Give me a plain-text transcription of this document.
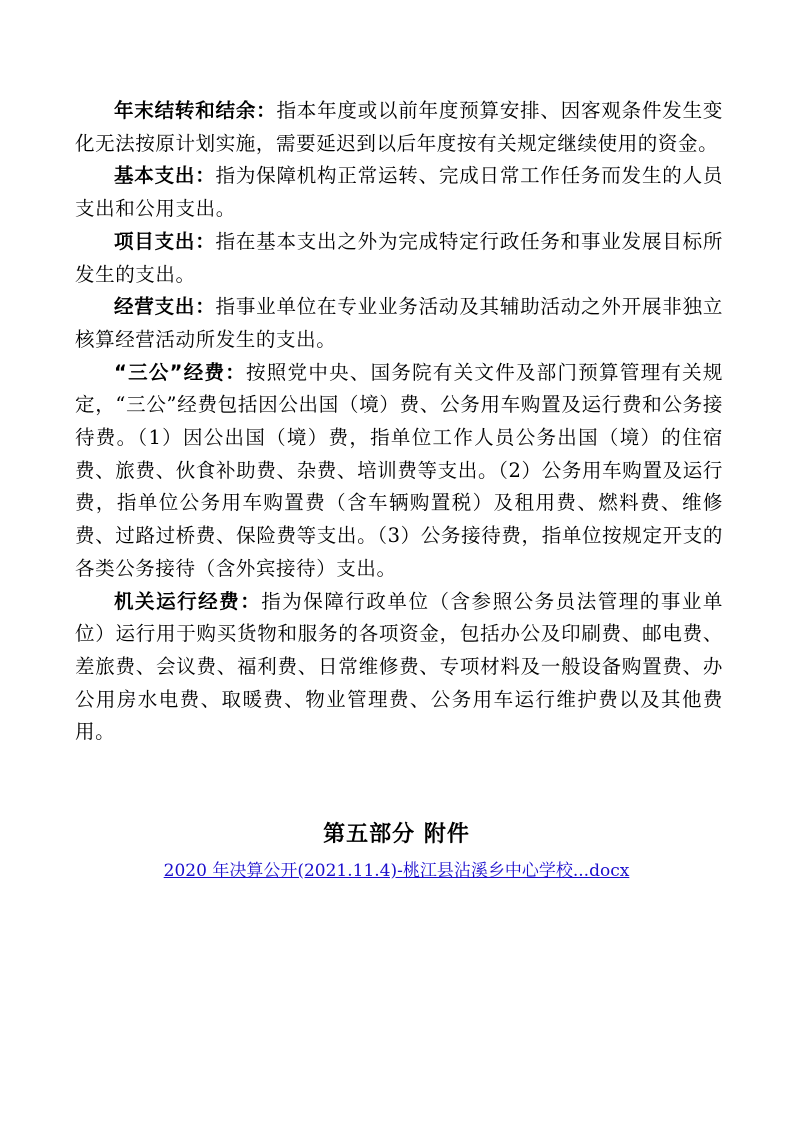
年末结转和结余：指本年度或以前年度预算安排、因客观条件发生变化无法按原计划实施，需要延迟到以后年度按有关规定继续使用的资金。

基本支出：指为保障机构正常运转、完成日常工作任务而发生的人员支出和公用支出。

项目支出：指在基本支出之外为完成特定行政任务和事业发展目标所发生的支出。

经营支出：指事业单位在专业业务活动及其辅助活动之外开展非独立核算经营活动所发生的支出。

“三公”经费：按照党中央、国务院有关文件及部门预算管理有关规定，“三公”经费包括因公出国（境）费、公务用车购置及运行费和公务接待费。（1）因公出国（境）费，指单位工作人员公务出国（境）的住宿费、旅费、伙食补助费、杂费、培训费等支出。（2）公务用车购置及运行费，指单位公务用车购置费（含车辆购置税）及租用费、燃料费、维修费、过路过桥费、保险费等支出。（3）公务接待费，指单位按规定开支的各类公务接待（含外宾接待）支出。

机关运行经费：指为保障行政单位（含参照公务员法管理的事业单位）运行用于购买货物和服务的各项资金，包括办公及印刷费、邮电费、差旅费、会议费、福利费、日常维修费、专项材料及一般设备购置费、办公用房水电费、取暖费、物业管理费、公务用车运行维护费以及其他费用。

第五部分 附件
2020 年决算公开(2021.11.4)-桃江县沾溪乡中心学校...docx
